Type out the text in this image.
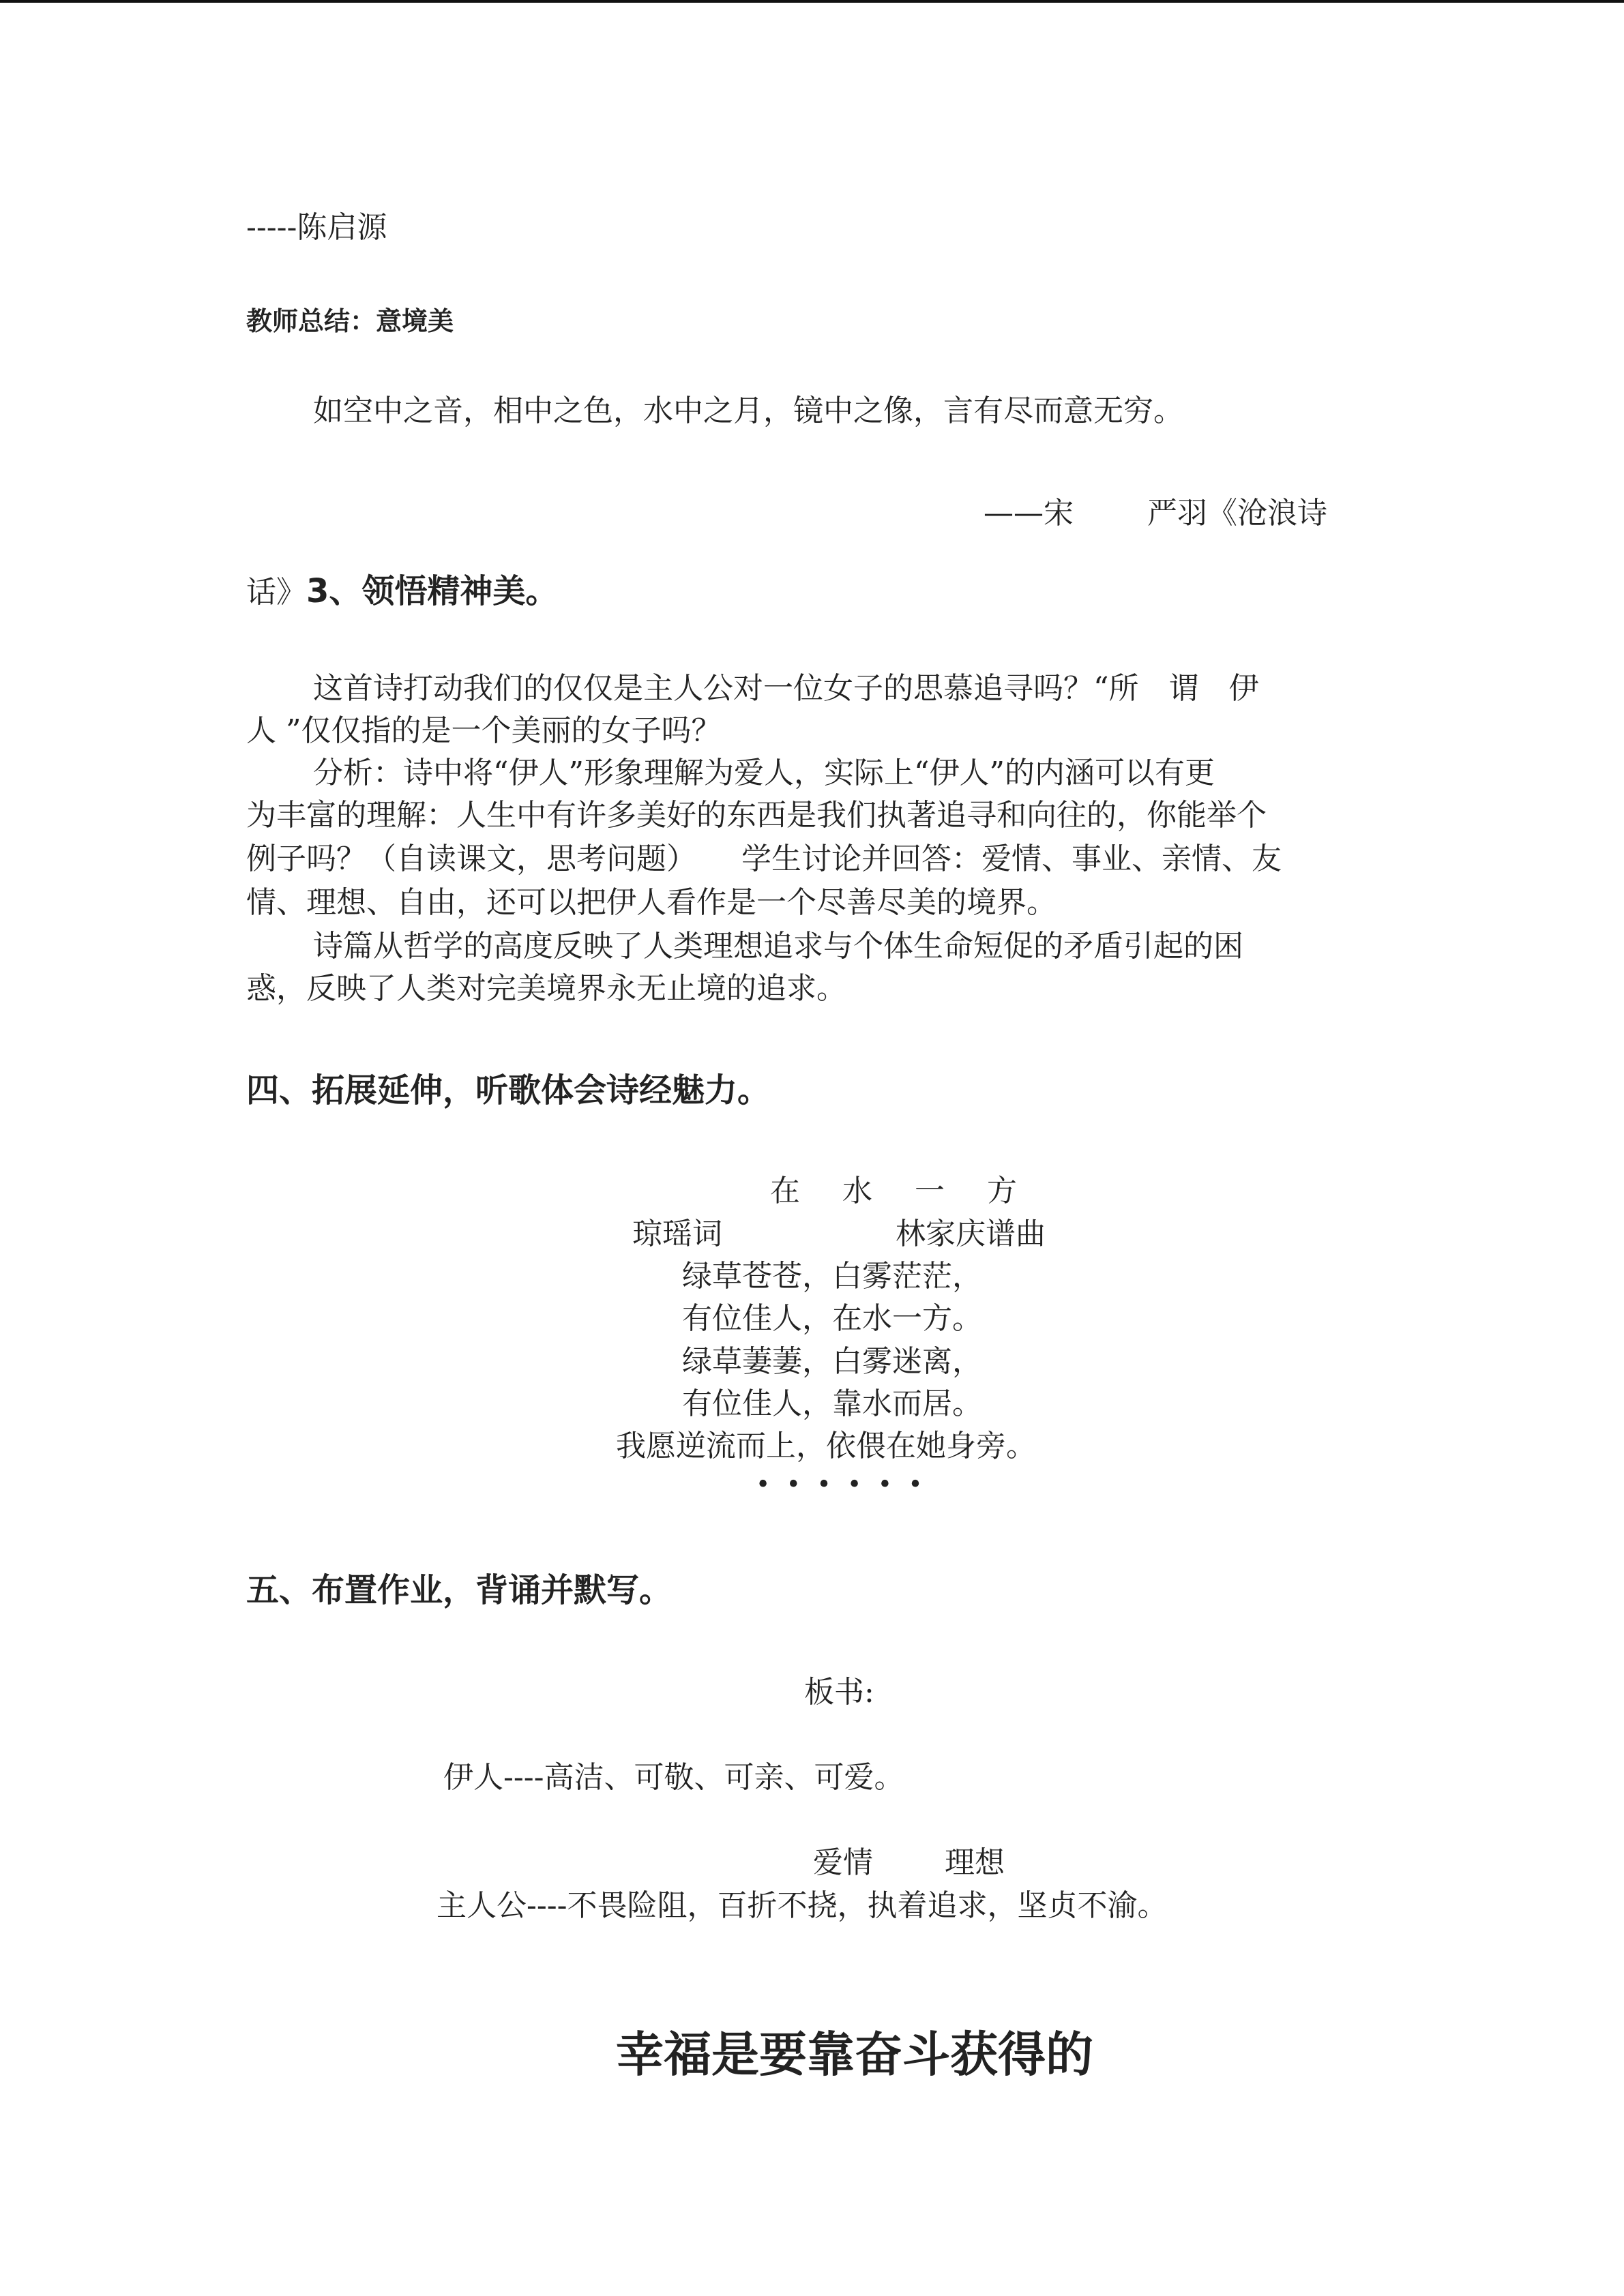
-----陈启源

教师总结：意境美

如空中之音，相中之色，水中之月，镜中之像，言有尽而意无穷。

——宋 严羽《沧浪诗

话》3、领悟精神美。

这首诗打动我们的仅仅是主人公对一位女子的思慕追寻吗？“所　谓　伊

人 ”仅仅指的是一个美丽的女子吗？

分析：诗中将“伊人”形象理解为爱人，实际上“伊人”的内涵可以有更

为丰富的理解：人生中有许多美好的东西是我们执著追寻和向往的，你能举个

例子吗？（自读课文，思考问题）　　学生讨论并回答：爱情、事业、亲情、友

情、理想、自由，还可以把伊人看作是一个尽善尽美的境界。

诗篇从哲学的高度反映了人类理想追求与个体生命短促的矛盾引起的困

惑，反映了人类对完美境界永无止境的追求。

四、拓展延伸，听歌体会诗经魅力。

在水一方

琼瑶词	林家庆谱曲

绿草苍苍，白雾茫茫，

有位佳人，在水一方。

绿草萋萋，白雾迷离，

有位佳人，靠水而居。

我愿逆流而上，依偎在她身旁。

• • • • • •

五、布置作业，背诵并默写。

板书:

伊人----高洁、可敬、可亲、可爱。

爱情 理想

主人公----不畏险阻，百折不挠，执着追求，坚贞不渝。

幸福是要靠奋斗获得的
